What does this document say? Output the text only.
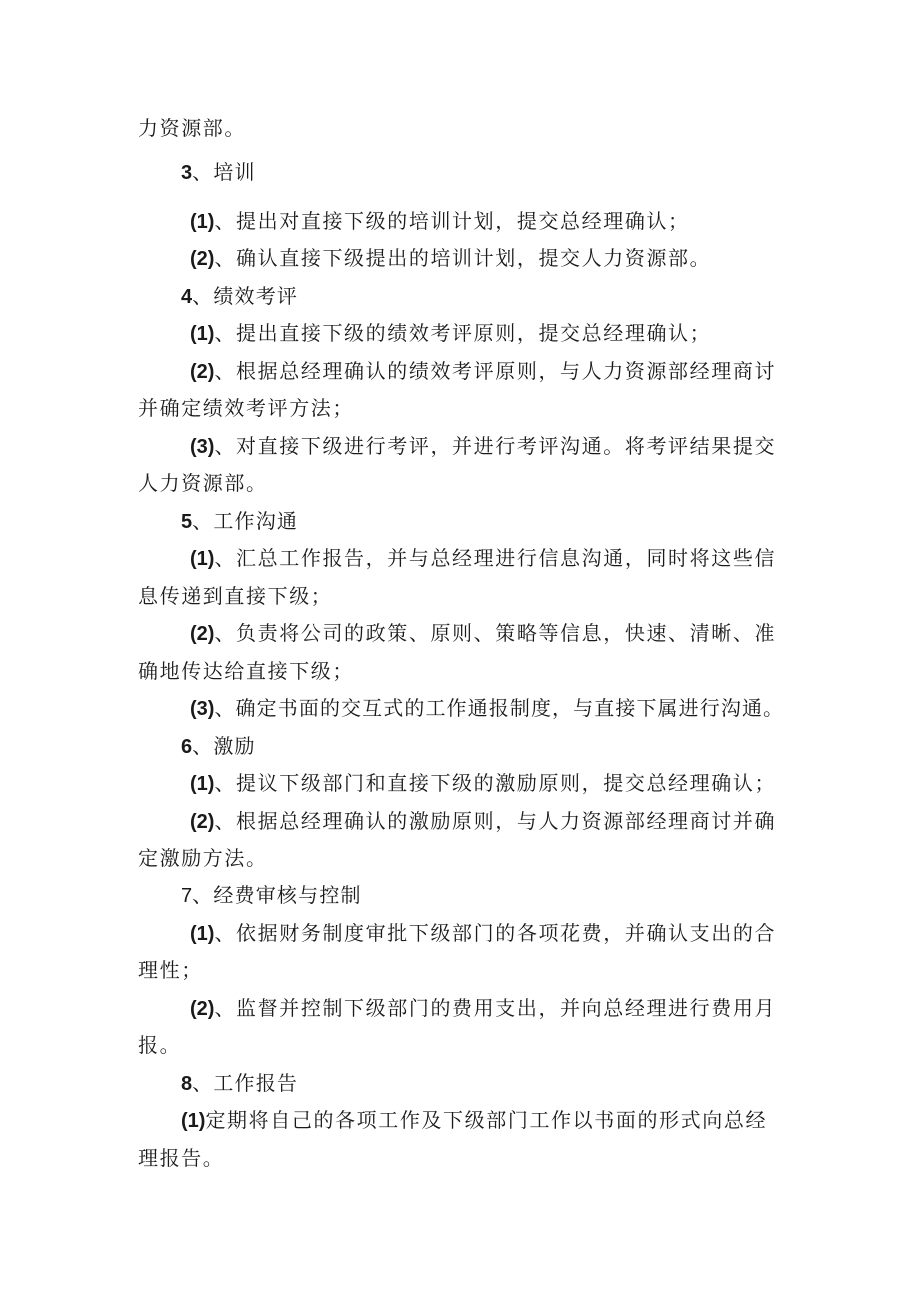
力资源部。
3、培训
(1)、提出对直接下级的培训计划，提交总经理确认；
(2)、确认直接下级提出的培训计划，提交人力资源部。
4、绩效考评
(1)、提出直接下级的绩效考评原则，提交总经理确认；
(2)、根据总经理确认的绩效考评原则，与人力资源部经理商讨
并确定绩效考评方法；
(3)、对直接下级进行考评，并进行考评沟通。将考评结果提交
人力资源部。
5、工作沟通
(1)、汇总工作报告，并与总经理进行信息沟通，同时将这些信
息传递到直接下级；
(2)、负责将公司的政策、原则、策略等信息，快速、清晰、准
确地传达给直接下级；
(3)、确定书面的交互式的工作通报制度，与直接下属进行沟通。
6、激励
(1)、提议下级部门和直接下级的激励原则，提交总经理确认；
(2)、根据总经理确认的激励原则，与人力资源部经理商讨并确
定激励方法。
7、经费审核与控制
(1)、依据财务制度审批下级部门的各项花费，并确认支出的合
理性；
(2)、监督并控制下级部门的费用支出，并向总经理进行费用月
报。
8、工作报告
(1)定期将自己的各项工作及下级部门工作以书面的形式向总经
理报告。
